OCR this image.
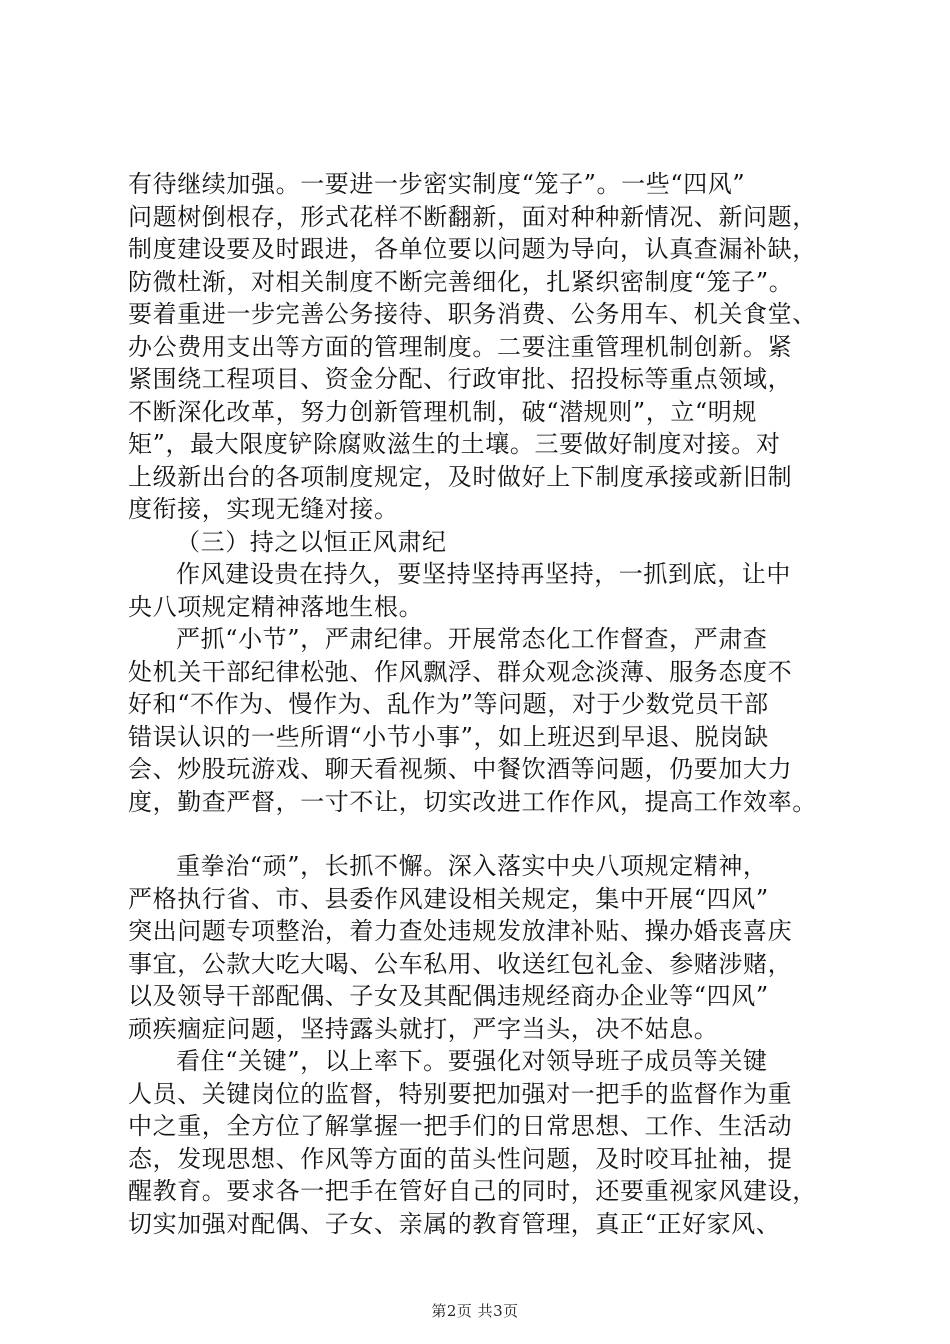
有待继续加强。一要进一步密实制度“笼子”。一些“四风”
问题树倒根存，形式花样不断翻新，面对种种新情况、新问题，
制度建设要及时跟进，各单位要以问题为导向，认真查漏补缺，
防微杜渐，对相关制度不断完善细化，扎紧织密制度“笼子”。
要着重进一步完善公务接待、职务消费、公务用车、机关食堂、
办公费用支出等方面的管理制度。二要注重管理机制创新。紧
紧围绕工程项目、资金分配、行政审批、招投标等重点领域，
不断深化改革，努力创新管理机制，破“潜规则”，立“明规
矩”，最大限度铲除腐败滋生的土壤。三要做好制度对接。对
上级新出台的各项制度规定，及时做好上下制度承接或新旧制
度衔接，实现无缝对接。
（三）持之以恒正风肃纪
作风建设贵在持久，要坚持坚持再坚持，一抓到底，让中
央八项规定精神落地生根。
严抓“小节”，严肃纪律。开展常态化工作督查，严肃查
处机关干部纪律松弛、作风飘浮、群众观念淡薄、服务态度不
好和“不作为、慢作为、乱作为”等问题，对于少数党员干部
错误认识的一些所谓“小节小事”，如上班迟到早退、脱岗缺
会、炒股玩游戏、聊天看视频、中餐饮酒等问题，仍要加大力
度，勤查严督，一寸不让，切实改进工作作风，提高工作效率。
重拳治“顽”，长抓不懈。深入落实中央八项规定精神，
严格执行省、市、县委作风建设相关规定，集中开展“四风”
突出问题专项整治，着力查处违规发放津补贴、操办婚丧喜庆
事宜，公款大吃大喝、公车私用、收送红包礼金、参赌涉赌，
以及领导干部配偶、子女及其配偶违规经商办企业等“四风”
顽疾痼症问题，坚持露头就打，严字当头，决不姑息。
看住“关键”，以上率下。要强化对领导班子成员等关键
人员、关键岗位的监督，特别要把加强对一把手的监督作为重
中之重，全方位了解掌握一把手们的日常思想、工作、生活动
态，发现思想、作风等方面的苗头性问题，及时咬耳扯袖，提
醒教育。要求各一把手在管好自己的同时，还要重视家风建设，
切实加强对配偶、子女、亲属的教育管理，真正“正好家风、
第2页 共3页
